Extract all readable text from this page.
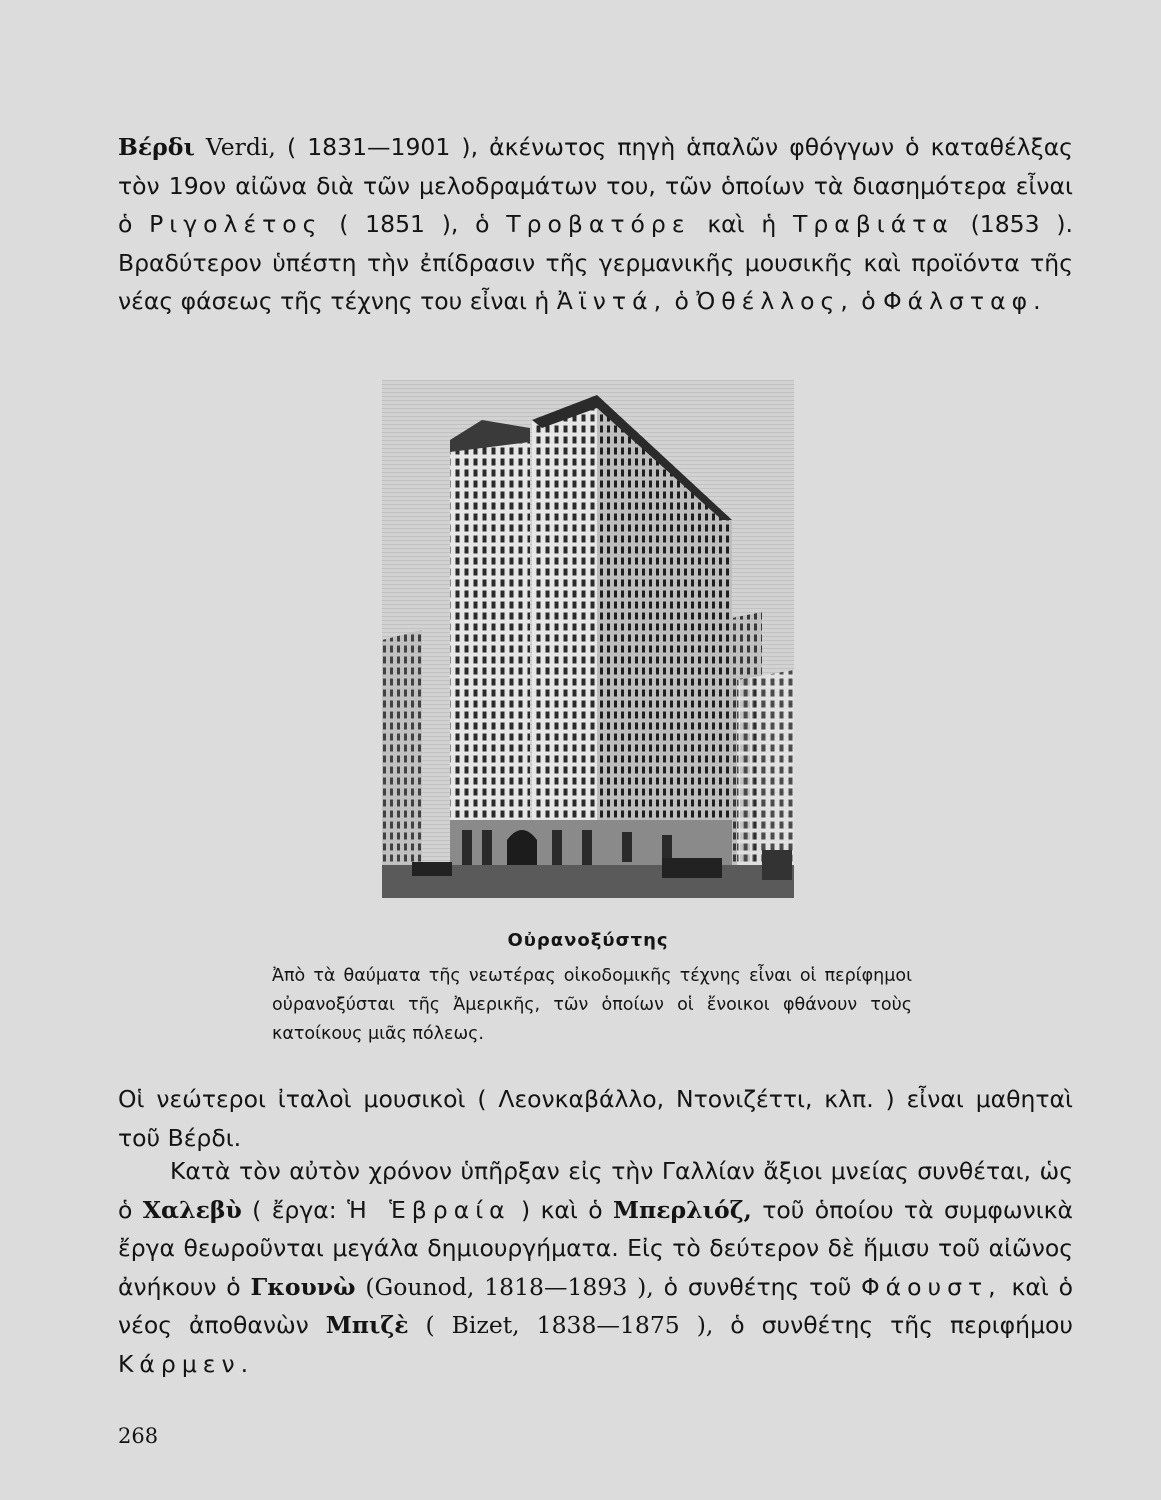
Βέρδι Verdi, ( 1831—1901 ), ἀκένωτος πηγὴ ἁπαλῶν φθόγγων ὁ καταθέλξας τὸν 19ον αἰῶνα διὰ τῶν μελοδραμάτων του, τῶν ὁποίων τὰ διασημότερα εἶναι ὁ Ριγολέτος ( 1851 ), ὁ Τροβατόρε καὶ ἡ Τραβιάτα (1853 ). Βραδύτερον ὑπέστη τὴν ἐπίδρασιν τῆς γερμανικῆς μουσικῆς καὶ προϊόντα τῆς νέας φάσεως τῆς τέχνης του εἶναι ἡ Ἀϊντά, ὁ Ὀθέλλος, ὁ Φάλσταφ.

Οὐρανοξύστης
Ἀπὸ τὰ θαύματα τῆς νεωτέρας οἰκοδομικῆς τέχνης εἶναι οἱ περίφημοι οὐρανοξύσται τῆς Ἀμερικῆς, τῶν ὁποίων οἱ ἔνοικοι φθάνουν τοὺς κατοίκους μιᾶς πόλεως.

Οἱ νεώτεροι ἰταλοὶ μουσικοὶ ( Λεονκαβάλλο, Ντονιζέττι, κλπ. ) εἶναι μαθηταὶ τοῦ Βέρδι.

Κατὰ τὸν αὐτὸν χρόνον ὑπῆρξαν εἰς τὴν Γαλλίαν ἄξιοι μνείας συνθέται, ὡς ὁ Χαλεβὺ ( ἔργα: Ἡ Ἑβραία ) καὶ ὁ Μπερλιόζ, τοῦ ὁποίου τὰ συμφωνικὰ ἔργα θεωροῦνται μεγάλα δημιουργήματα. Εἰς τὸ δεύτερον δὲ ἥμισυ τοῦ αἰῶνος ἀνήκουν ὁ Γκουνὼ (Gounod, 1818—1893 ), ὁ συνθέτης τοῦ Φάουστ, καὶ ὁ νέος ἀποθανὼν Μπιζὲ ( Bizet, 1838—1875 ), ὁ συνθέτης τῆς περιφήμου Κάρμεν.

268
